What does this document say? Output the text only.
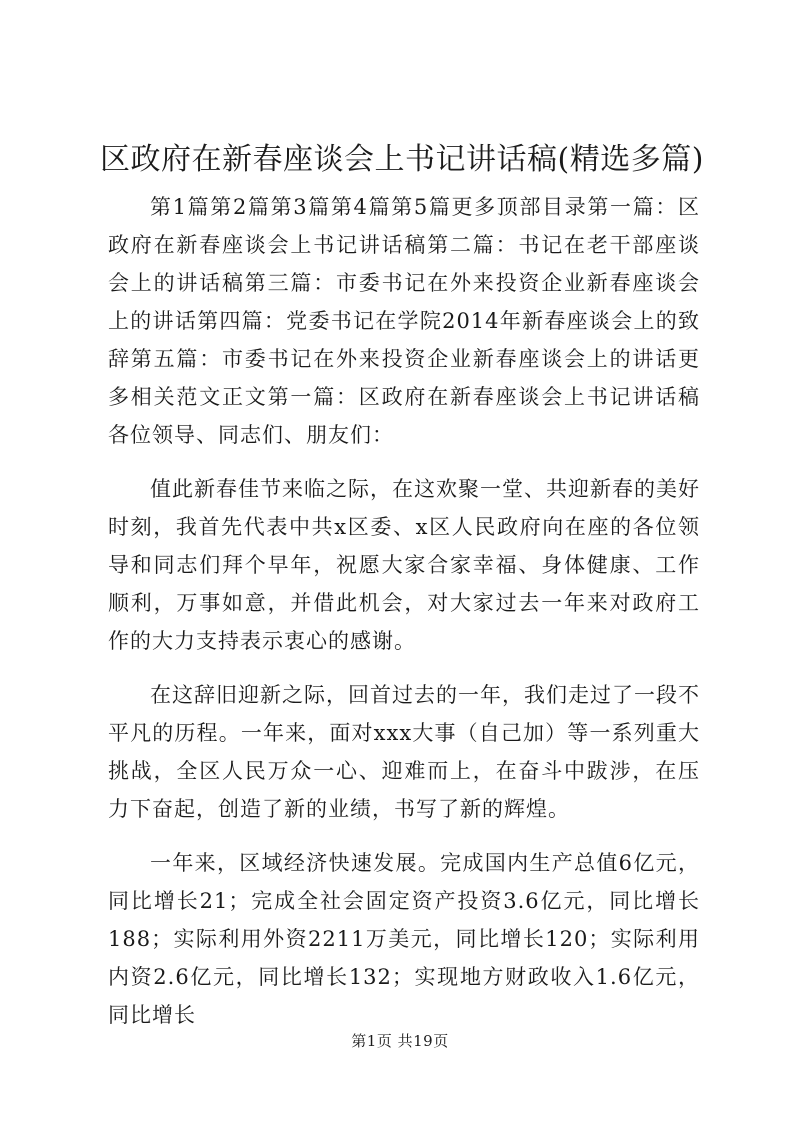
区政府在新春座谈会上书记讲话稿(精选多篇)

第1篇第2篇第3篇第4篇第5篇更多顶部目录第一篇：区政府在新春座谈会上书记讲话稿第二篇：书记在老干部座谈会上的讲话稿第三篇：市委书记在外来投资企业新春座谈会上的讲话第四篇：党委书记在学院2014年新春座谈会上的致辞第五篇：市委书记在外来投资企业新春座谈会上的讲话更多相关范文正文第一篇：区政府在新春座谈会上书记讲话稿各位领导、同志们、朋友们：

值此新春佳节来临之际，在这欢聚一堂、共迎新春的美好时刻，我首先代表中共x区委、x区人民政府向在座的各位领导和同志们拜个早年，祝愿大家合家幸福、身体健康、工作顺利，万事如意，并借此机会，对大家过去一年来对政府工作的大力支持表示衷心的感谢。

在这辞旧迎新之际，回首过去的一年，我们走过了一段不平凡的历程。一年来，面对xxx大事（自己加）等一系列重大挑战，全区人民万众一心、迎难而上，在奋斗中跋涉，在压力下奋起，创造了新的业绩，书写了新的辉煌。

一年来，区域经济快速发展。完成国内生产总值6亿元，同比增长21；完成全社会固定资产投资3.6亿元，同比增长188；实际利用外资2211万美元，同比增长120；实际利用内资2.6亿元，同比增长132；实现地方财政收入1.6亿元，同比增长

第1页 共19页
